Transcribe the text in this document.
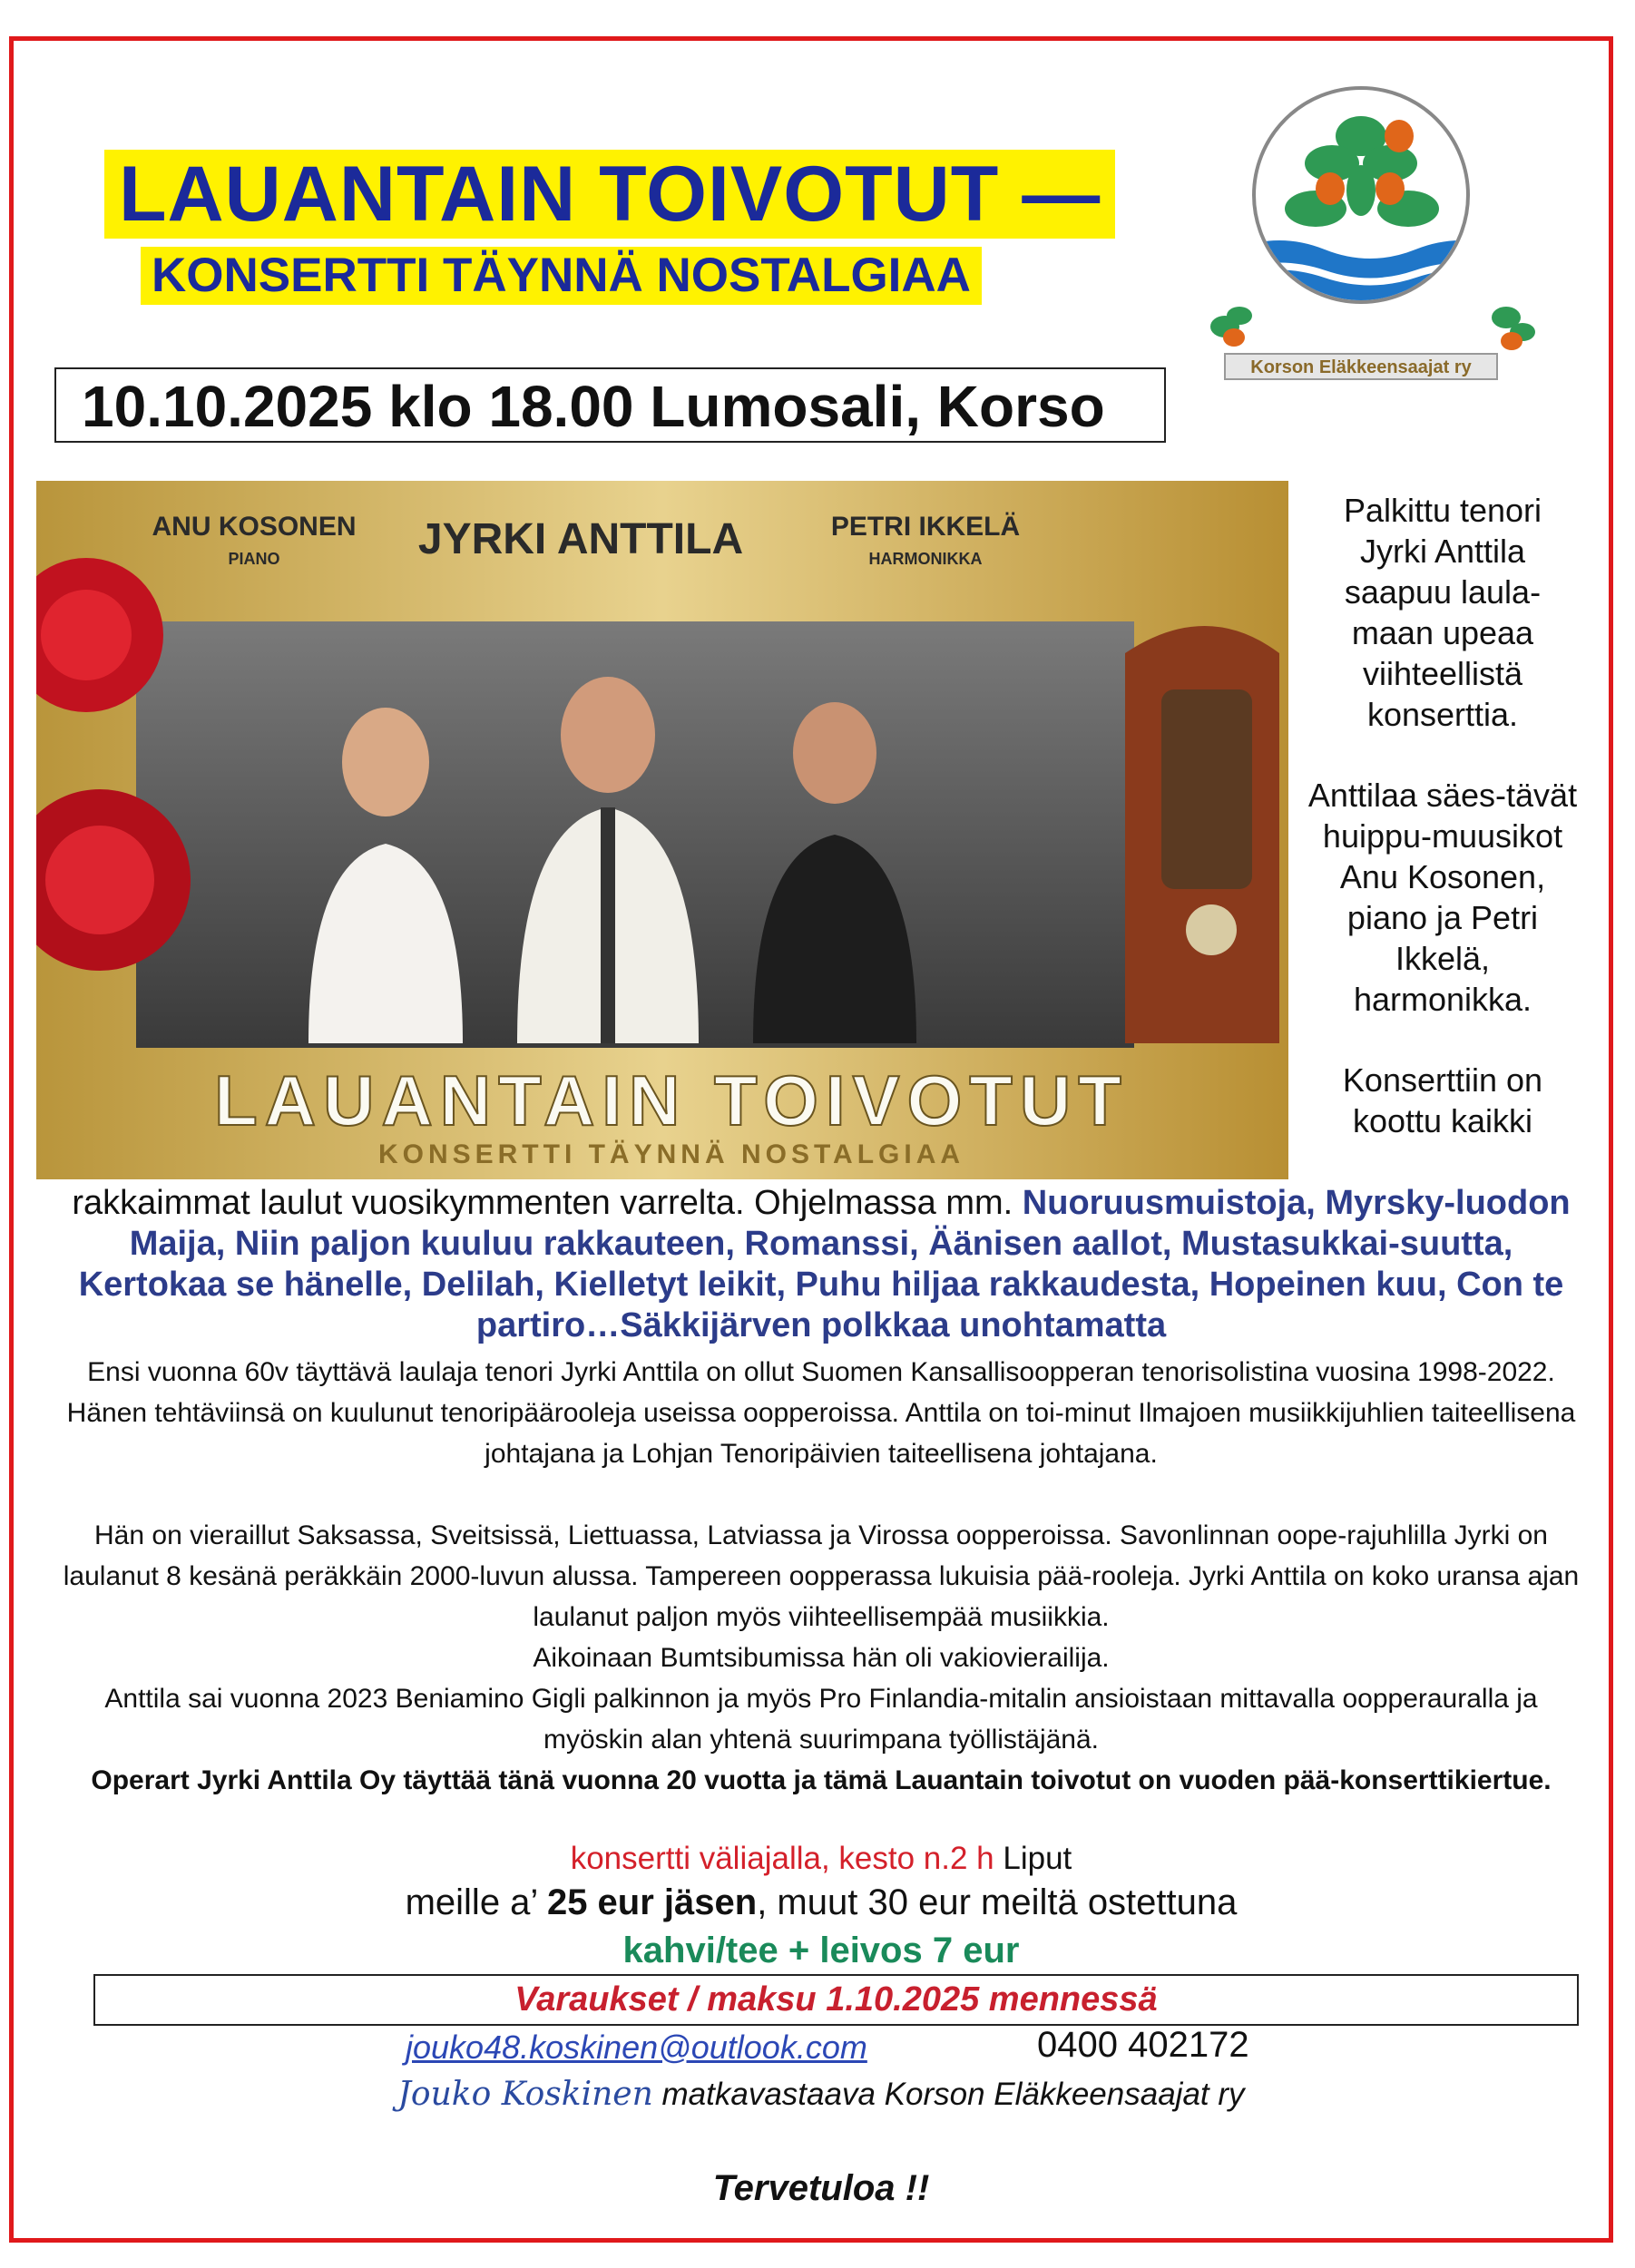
LAUANTAIN TOIVOTUT —
KONSERTTI TÄYNNÄ NOSTALGIAA
10.10.2025 klo 18.00 Lumosali, Korso
Korson Eläkkeensaajat ry
ANU KOSONEN
PIANO	JYRKI ANTTILA	PETRI IKKELÄ
HARMONIKKA
LAUANTAIN TOIVOTUT
KONSERTTI TÄYNNÄ NOSTALGIAA

Palkittu tenori Jyrki Anttila saapuu laula-maan upeaa viihteellistä konserttia.

Anttilaa säes-tävät huippu-muusikot Anu Kosonen, piano ja Petri Ikkelä, harmonikka.

Konserttiin on koottu kaikki

rakkaimmat laulut vuosikymmenten varrelta. Ohjelmassa mm. Nuoruusmuistoja, Myrsky-luodon Maija, Niin paljon kuuluu rakkauteen, Romanssi, Äänisen aallot, Mustasukkai-suutta, Kertokaa se hänelle, Delilah, Kielletyt leikit, Puhu hiljaa rakkaudesta, Hopeinen kuu, Con te partiro…Säkkijärven polkkaa unohtamatta

Ensi vuonna 60v täyttävä laulaja tenori Jyrki Anttila on ollut Suomen Kansallisoopperan tenorisolistina vuosina 1998-2022. Hänen tehtäviinsä on kuulunut tenoripäärooleja useissa oopperoissa. Anttila on toi-minut Ilmajoen musiikkijuhlien taiteellisena johtajana ja Lohjan Tenoripäivien taiteellisena johtajana.

Hän on vieraillut Saksassa, Sveitsissä, Liettuassa, Latviassa ja Virossa oopperoissa. Savonlinnan oope-rajuhlilla Jyrki on laulanut 8 kesänä peräkkäin 2000-luvun alussa. Tampereen oopperassa lukuisia pää-rooleja. Jyrki Anttila on koko uransa ajan laulanut paljon myös viihteellisempää musiikkia.

Aikoinaan Bumtsibumissa hän oli vakiovierailija.

Anttila sai vuonna 2023 Beniamino Gigli palkinnon ja myös Pro Finlandia-mitalin ansioistaan mittavalla oopperauralla ja myöskin alan yhtenä suurimpana työllistäjänä.

Operart Jyrki Anttila Oy täyttää tänä vuonna 20 vuotta ja tämä Lauantain toivotut on vuoden pää-konserttikiertue.

konsertti väliajalla, kesto n.2 h Liput
meille a’ 25 eur jäsen, muut 30 eur meiltä ostettuna
kahvi/tee + leivos 7 eur
Varaukset / maksu 1.10.2025 mennessä
jouko48.koskinen@outlook.com	0400 402172
Jouko Koskinen matkavastaava Korson Eläkkeensaajat ry
Tervetuloa !!
